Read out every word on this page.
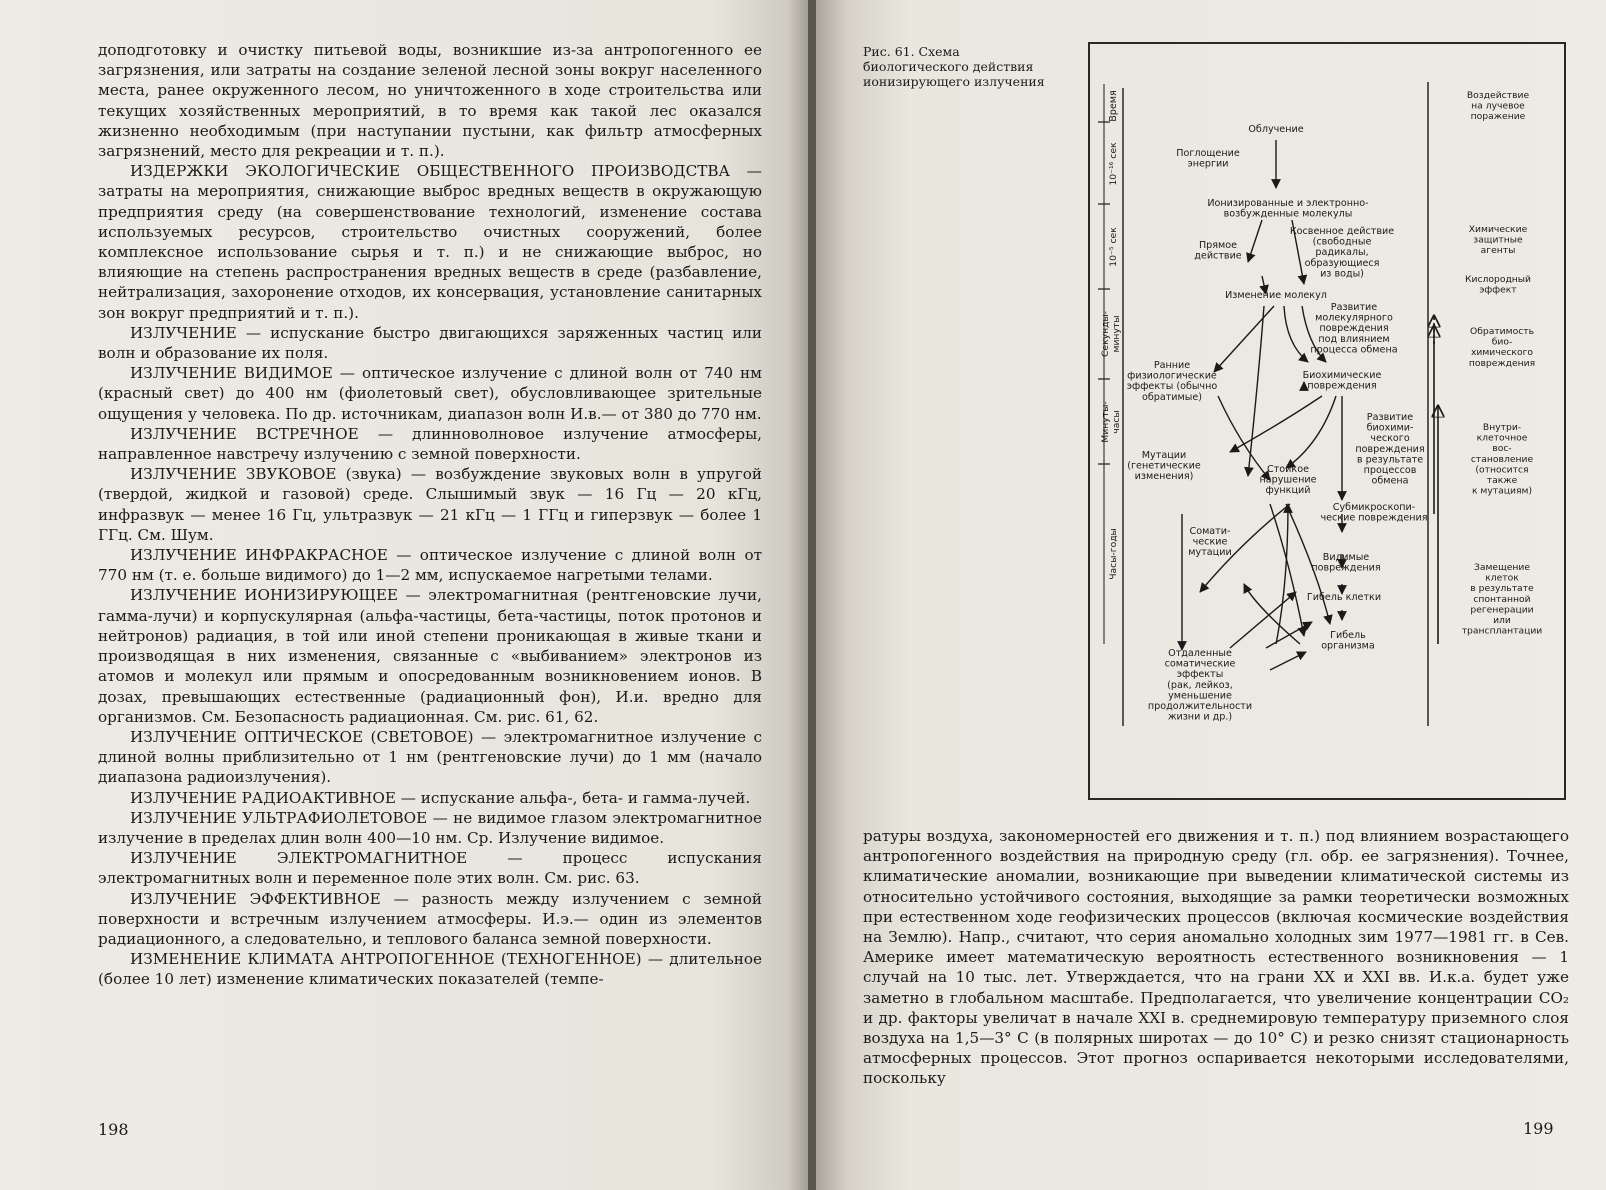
доподготовку и очистку питьевой воды, возникшие из-за антропогенного ее загрязнения, или затраты на создание зеленой лесной зоны вокруг населенного места, ранее окруженного лесом, но уничтоженного в ходе строительства или текущих хозяйственных мероприятий, в то время как такой лес оказался жизненно необходимым (при наступании пустыни, как фильтр атмосферных загрязнений, место для рекреации и т. п.).

ИЗДЕРЖКИ ЭКОЛОГИЧЕСКИЕ ОБЩЕСТВЕННОГО ПРОИЗВОДСТВА — затраты на мероприятия, снижающие выброс вредных веществ в окружающую предприятия среду (на совершенствование технологий, изменение состава используемых ресурсов, строительство очистных сооружений, более комплексное использование сырья и т. п.) и не снижающие выброс, но влияющие на степень распространения вредных веществ в среде (разбавление, нейтрализация, захоронение отходов, их консервация, установление санитарных зон вокруг предприятий и т. п.).

ИЗЛУЧЕНИЕ — испускание быстро двигающихся заряженных частиц или волн и образование их поля.

ИЗЛУЧЕНИЕ ВИДИМОЕ — оптическое излучение с длиной волн от 740 нм (красный свет) до 400 нм (фиолетовый свет), обусловливающее зрительные ощущения у человека. По др. источникам, диапазон волн И.в.— от 380 до 770 нм.

ИЗЛУЧЕНИЕ ВСТРЕЧНОЕ — длинноволновое излучение атмосферы, направленное навстречу излучению с земной поверхности.

ИЗЛУЧЕНИЕ ЗВУКОВОЕ (звука) — возбуждение звуковых волн в упругой (твердой, жидкой и газовой) среде. Слышимый звук — 16 Гц — 20 кГц, инфразвук — менее 16 Гц, ультразвук — 21 кГц — 1 ГГц и гиперзвук — более 1 ГГц. См. Шум.

ИЗЛУЧЕНИЕ ИНФРАКРАСНОЕ — оптическое излучение с длиной волн от 770 нм (т. е. больше видимого) до 1—2 мм, испускаемое нагретыми телами.

ИЗЛУЧЕНИЕ ИОНИЗИРУЮЩЕЕ — электромагнитная (рентгеновские лучи, гамма-лучи) и корпускулярная (альфа-частицы, бета-частицы, поток протонов и нейтронов) радиация, в той или иной степени проникающая в живые ткани и производящая в них изменения, связанные с «выбиванием» электронов из атомов и молекул или прямым и опосредованным возникновением ионов. В дозах, превышающих естественные (радиационный фон), И.и. вредно для организмов. См. Безопасность радиационная. См. рис. 61, 62.

ИЗЛУЧЕНИЕ ОПТИЧЕСКОЕ (СВЕТОВОЕ) — электромагнитное излучение с длиной волны приблизительно от 1 нм (рентгеновские лучи) до 1 мм (начало диапазона радиоизлучения).

ИЗЛУЧЕНИЕ РАДИОАКТИВНОЕ — испускание альфа-, бета- и гамма-лучей.

ИЗЛУЧЕНИЕ УЛЬТРАФИОЛЕТОВОЕ — не видимое глазом электромагнитное излучение в пределах длин волн 400—10 нм. Ср. Излучение видимое.

ИЗЛУЧЕНИЕ ЭЛЕКТРОМАГНИТНОЕ — процесс испускания электромагнитных волн и переменное поле этих волн. См. рис. 63.

ИЗЛУЧЕНИЕ ЭФФЕКТИВНОЕ — разность между излучением с земной поверхности и встречным излучением атмосферы. И.э.— один из элементов радиационного, а следовательно, и теплового баланса земной поверхности.

ИЗМЕНЕНИЕ КЛИМАТА АНТРОПОГЕННОЕ (ТЕХНОГЕННОЕ) — длительное (более 10 лет) изменение климатических показателей (темпе-

198
Рис. 61. Схема биологического действия ионизирующего излучения
Время
10⁻¹⁶ сек
10⁻⁵ сек
Секунды-минуты
Минуты-часы
Часы-годы
Облучение
Поглощение энергии
Ионизированные и электронно-возбужденные молекулы
Прямое действие
Косвенное действие (свободные радикалы, образующиеся из воды)
Изменение молекул
Развитие молекулярного повреждения под влиянием процесса обмена
Ранние физиологические эффекты (обычно обратимые)
Биохимические повреждения
Развитие биохими-ческого повреждения в результате процессов обмена
Мутации (генетические изменения)
Стойкое нарушение функций
Субмикроскопи-ческие повреждения
Сомати-ческие мутации	Видимые повреждения
Гибель клетки
Гибель организма
Отдаленные соматические эффекты (рак, лейкоз, уменьшение продолжительности жизни и др.)
Воздействие на лучевое поражение
Химические защитные агенты
Кислородный эффект
Обратимость био-химического повреждения
Внутри-клеточное вос-становление (относится также к мутациям)
Замещение клеток в результате спонтанной регенерации или трансплантации

ратуры воздуха, закономерностей его движения и т. п.) под влиянием возрастающего антропогенного воздействия на природную среду (гл. обр. ее загрязнения). Точнее, климатические аномалии, возникающие при выведении климатической системы из относительно устойчивого состояния, выходящие за рамки теоретически возможных при естественном ходе геофизических процессов (включая космические воздействия на Землю). Напр., считают, что серия аномально холодных зим 1977—1981 гг. в Сев. Америке имеет математическую вероятность естественного возникновения — 1 случай на 10 тыс. лет. Утверждается, что на грани XX и XXI вв. И.к.а. будет уже заметно в глобальном масштабе. Предполагается, что увеличение концентрации CO₂ и др. факторы увеличат в начале XXI в. среднемировую температуру приземного слоя воздуха на 1,5—3° С (в полярных широтах — до 10° С) и резко снизят стационарность атмосферных процессов. Этот прогноз оспаривается некоторыми исследователями, поскольку

199
